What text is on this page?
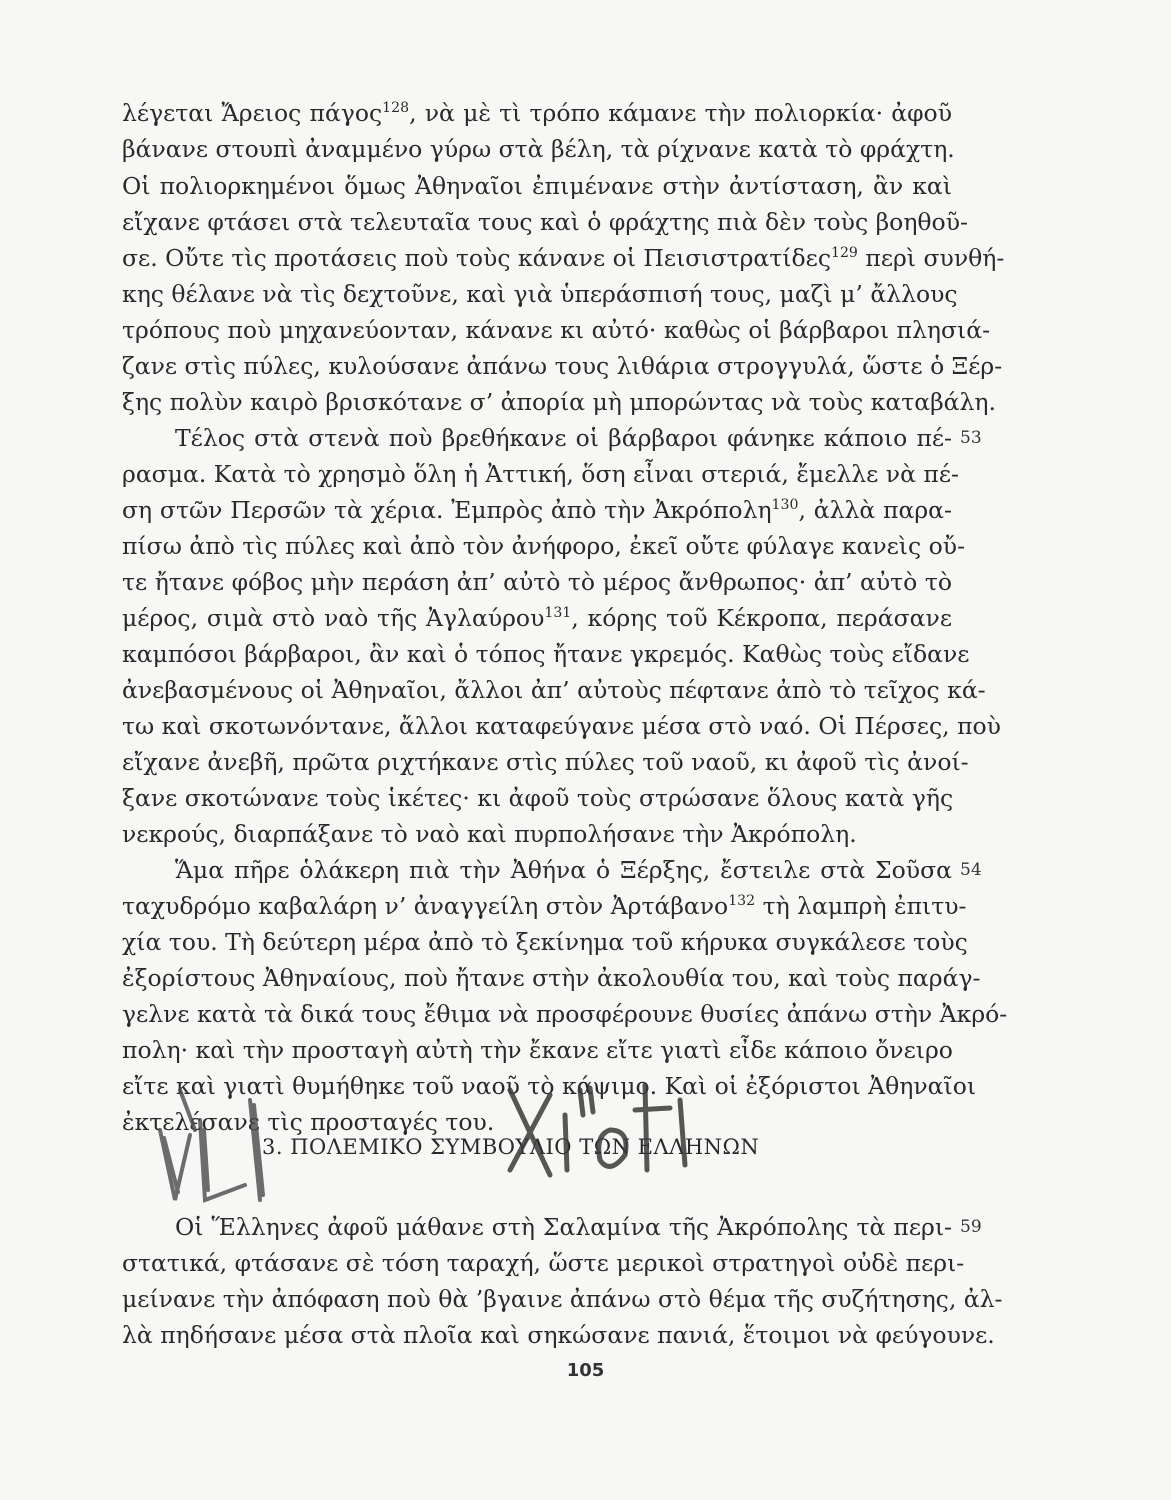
λέγεται Ἄρειος πάγος$^{128}$, νὰ μὲ τὶ τρόπο κάμανε τὴν πολιορκία· ἀφοῦ
βάνανε στουπὶ ἀναμμένο γύρω στὰ βέλη, τὰ ρίχνανε κατὰ τὸ φράχτη.
Οἱ πολιορκημένοι ὅμως Ἀθηναῖοι ἐπιμένανε στὴν ἀντίσταση, ἂν καὶ
εἴχανε φτάσει στὰ τελευταῖα τους καὶ ὁ φράχτης πιὰ δὲν τοὺς βοηθοῦ-
σε. Οὔτε τὶς προτάσεις ποὺ τοὺς κάνανε οἱ Πεισιστρατίδες$^{129}$ περὶ συνθή-
κης θέλανε νὰ τὶς δεχτοῦνε, καὶ γιὰ ὑπεράσπισή τους, μαζὶ μ’ ἄλλους
τρόπους ποὺ μηχανεύονταν, κάνανε κι αὐτό· καθὼς οἱ βάρβαροι πλησιά-
ζανε στὶς πύλες, κυλούσανε ἀπάνω τους λιθάρια στρογγυλά, ὥστε ὁ Ξέρ-
ξης πολὺν καιρὸ βρισκότανε σ’ ἀπορία μὴ μπορώντας νὰ τοὺς καταβάλη.
Τέλος στὰ στενὰ ποὺ βρεθήκανε οἱ βάρβαροι φάνηκε κάποιο πέ- 53
ρασμα. Κατὰ τὸ χρησμὸ ὅλη ἡ Ἀττική, ὅση εἶναι στεριά, ἔμελλε νὰ πέ-
ση στῶν Περσῶν τὰ χέρια. Ἐμπρὸς ἀπὸ τὴν Ἀκρόπολη$^{130}$, ἀλλὰ παρα-
πίσω ἀπὸ τὶς πύλες καὶ ἀπὸ τὸν ἀνήφορο, ἐκεῖ οὔτε φύλαγε κανεὶς οὔ-
τε ἤτανε φόβος μὴν περάση ἀπ’ αὐτὸ τὸ μέρος ἄνθρωπος· ἀπ’ αὐτὸ τὸ
μέρος, σιμὰ στὸ ναὸ τῆς Ἀγλαύρου$^{131}$, κόρης τοῦ Κέκροπα, περάσανε
καμπόσοι βάρβαροι, ἂν καὶ ὁ τόπος ἤτανε γκρεμός. Καθὼς τοὺς εἴδανε
ἀνεβασμένους οἱ Ἀθηναῖοι, ἄλλοι ἀπ’ αὐτοὺς πέφτανε ἀπὸ τὸ τεῖχος κά-
τω καὶ σκοτωνόντανε, ἄλλοι καταφεύγανε μέσα στὸ ναό. Οἱ Πέρσες, ποὺ
εἴχανε ἀνεβῆ, πρῶτα ριχτήκανε στὶς πύλες τοῦ ναοῦ, κι ἀφοῦ τὶς ἀνοί-
ξανε σκοτώνανε τοὺς ἱκέτες· κι ἀφοῦ τοὺς στρώσανε ὅλους κατὰ γῆς
νεκρούς, διαρπάξανε τὸ ναὸ καὶ πυρπολήσανε τὴν Ἀκρόπολη.
Ἅμα πῆρε ὁλάκερη πιὰ τὴν Ἀθήνα ὁ Ξέρξης, ἔστειλε στὰ Σοῦσα 54
ταχυδρόμο καβαλάρη ν’ ἀναγγείλη στὸν Ἀρτάβανο$^{132}$ τὴ λαμπρὴ ἐπιτυ-
χία του. Τὴ δεύτερη μέρα ἀπὸ τὸ ξεκίνημα τοῦ κήρυκα συγκάλεσε τοὺς
ἐξορίστους Ἀθηναίους, ποὺ ἤτανε στὴν ἀκολουθία του, καὶ τοὺς παράγ-
γελνε κατὰ τὰ δικά τους ἔθιμα νὰ προσφέρουνε θυσίες ἀπάνω στὴν Ἀκρό-
πολη· καὶ τὴν προσταγὴ αὐτὴ τὴν ἔκανε εἴτε γιατὶ εἶδε κάποιο ὄνειρο
εἴτε καὶ γιατὶ θυμήθηκε τοῦ ναοῦ τὸ κάψιμο. Καὶ οἱ ἐξόριστοι Ἀθηναῖοι
ἐκτελέσανε τὶς προσταγές του.
3. ΠΟΛΕΜΙΚΟ ΣΥΜΒΟΥΛΙΟ ΤΩΝ ΕΛΛΗΝΩΝ
Οἱ Ἕλληνες ἀφοῦ μάθανε στὴ Σαλαμίνα τῆς Ἀκρόπολης τὰ περι- 59
στατικά, φτάσανε σὲ τόση ταραχή, ὥστε μερικοὶ στρατηγοὶ οὐδὲ περι-
μείνανε τὴν ἀπόφαση ποὺ θὰ ’βγαινε ἀπάνω στὸ θέμα τῆς συζήτησης, ἀλ-
λὰ πηδήσανε μέσα στὰ πλοῖα καὶ σηκώσανε πανιά, ἕτοιμοι νὰ φεύγουνε.
105
